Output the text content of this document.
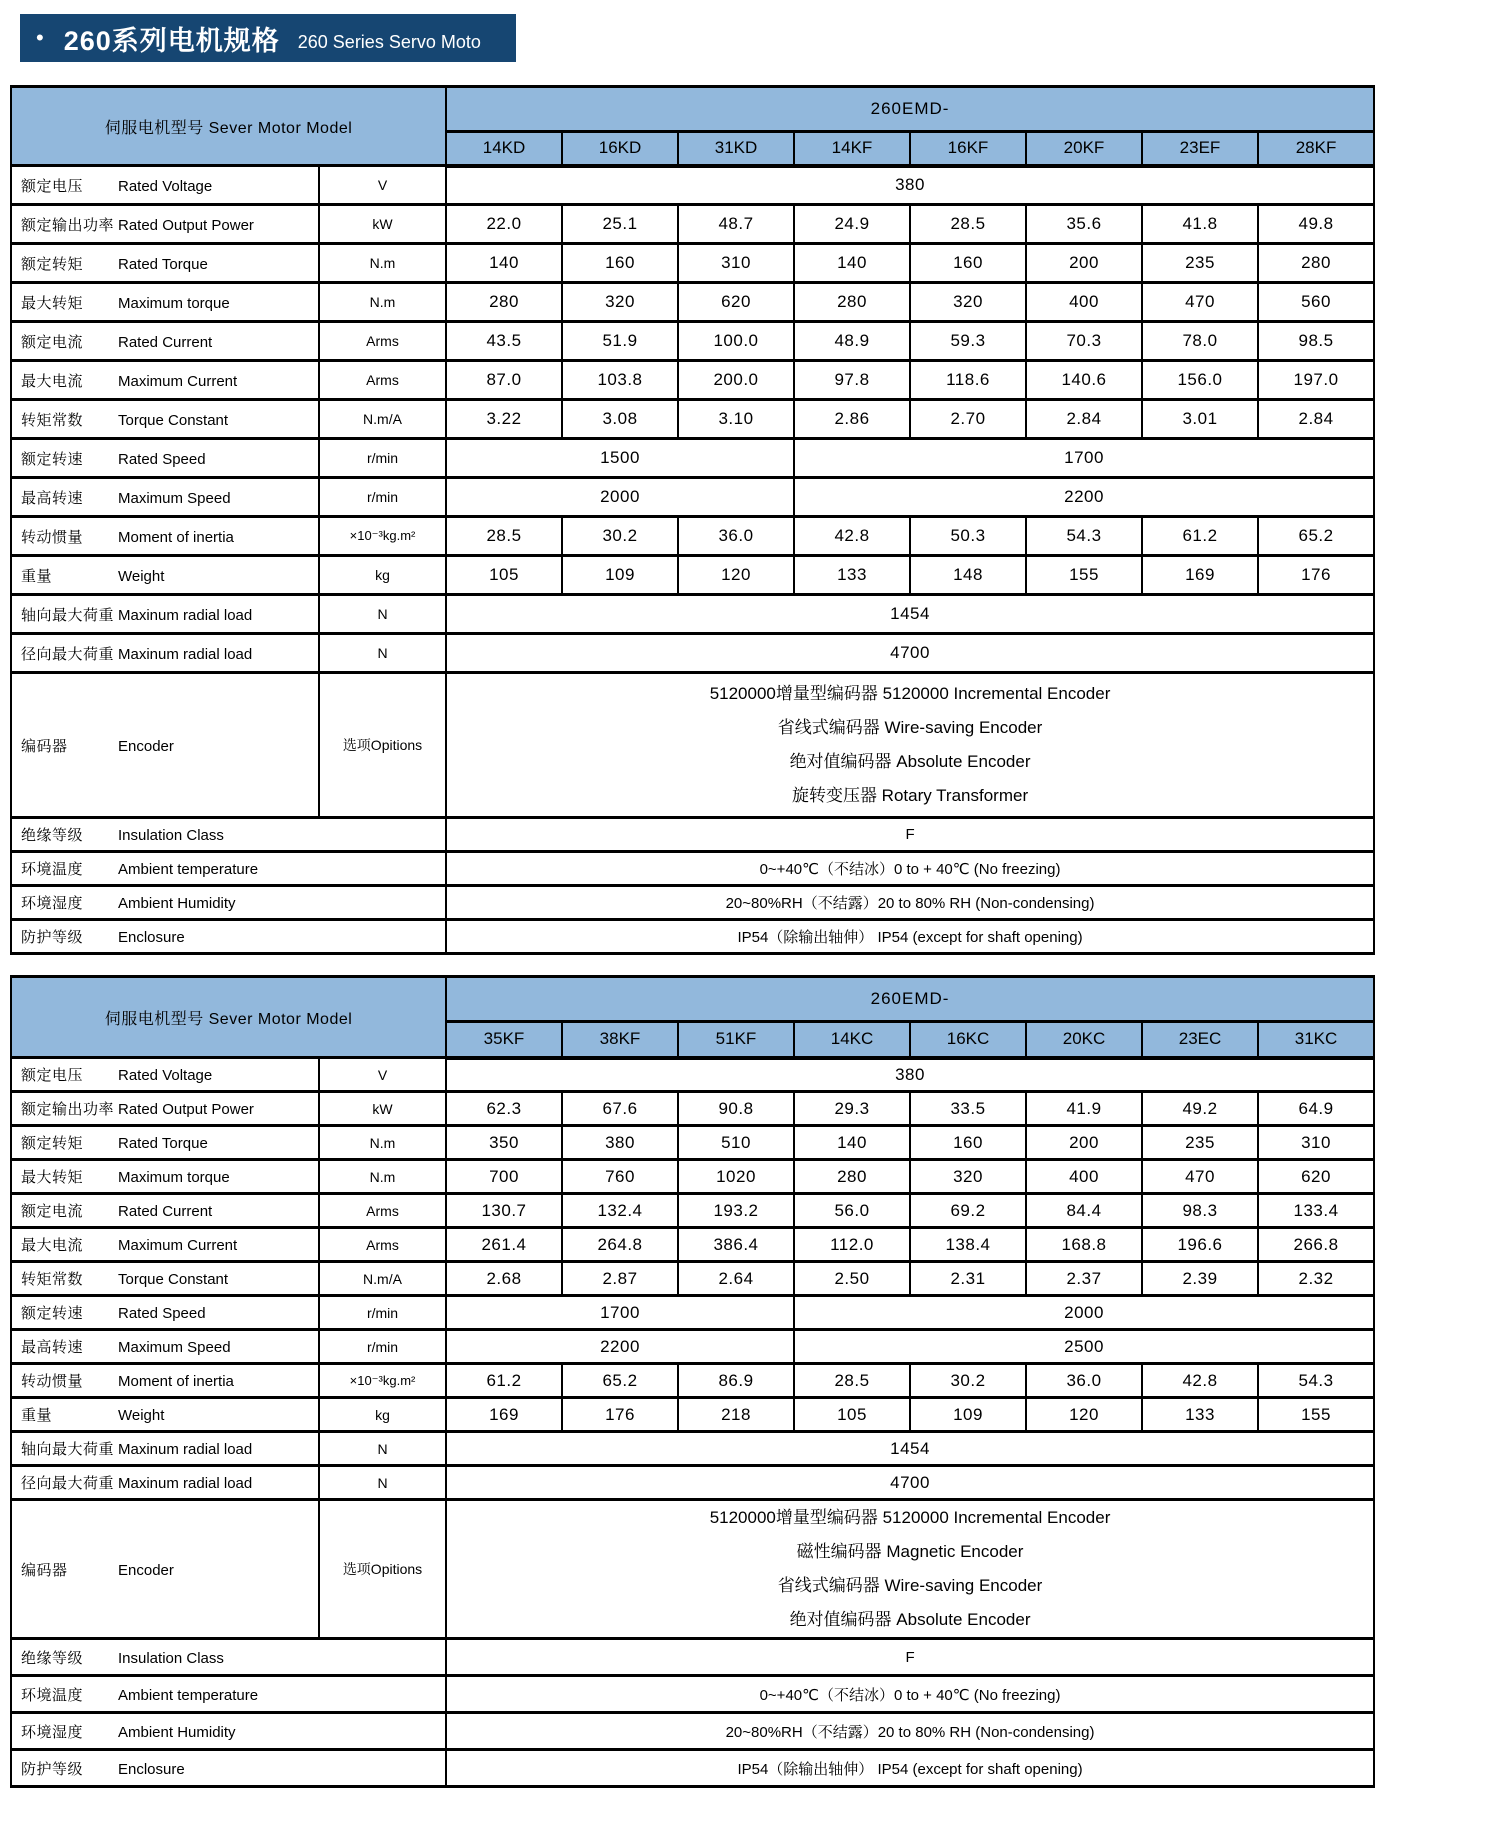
• 260系列电机规格 260 Series Servo Moto
伺服电机型号 Sever Motor Model		260EMD-							
		14KD	16KD	31KD	14KF	16KF	20KF	23EF	28KF
额定电压 Rated Voltage	V	380							
额定输出功率 Rated Output Power	kW	22.0	25.1	48.7	24.9	28.5	35.6	41.8	49.8
额定转矩 Rated Torque	N.m	140	160	310	140	160	200	235	280
最大转矩 Maximum torque	N.m	280	320	620	280	320	400	470	560
额定电流 Rated Current	Arms	43.5	51.9	100.0	48.9	59.3	70.3	78.0	98.5
最大电流 Maximum Current	Arms	87.0	103.8	200.0	97.8	118.6	140.6	156.0	197.0
转矩常数 Torque Constant	N.m/A	3.22	3.08	3.10	2.86	2.70	2.84	3.01	2.84
额定转速 Rated Speed	r/min	1500			1700				
最高转速 Maximum Speed	r/min	2000			2200				
转动惯量 Moment of inertia	×10⁻³kg.m²	28.5	30.2	36.0	42.8	50.3	54.3	61.2	65.2
重量 Weight	kg	105	109	120	133	148	155	169	176
轴向最大荷重 Maxinum radial load	N	1454							
径向最大荷重 Maxinum radial load	N	4700							
编码器 Encoder	选项Opitions	5120000增量型编码器 5120000 Incremental Encoder
省线式编码器 Wire-saving Encoder
绝对值编码器 Absolute Encoder
旋转变压器 Rotary Transformer							

绝缘等级 Insulation Class		F							
环境温度 Ambient temperature		0~+40℃（不结冰）0 to + 40℃ (No freezing)							
环境湿度 Ambient Humidity		20~80%RH（不结露）20 to 80% RH (Non-condensing)							
防护等级 Enclosure		IP54（除输出轴伸） IP54 (except for shaft opening)							
伺服电机型号 Sever Motor Model		260EMD-							
		35KF	38KF	51KF	14KC	16KC	20KC	23EC	31KC
额定电压 Rated Voltage	V	380							
额定输出功率 Rated Output Power	kW	62.3	67.6	90.8	29.3	33.5	41.9	49.2	64.9
额定转矩 Rated Torque	N.m	350	380	510	140	160	200	235	310
最大转矩 Maximum torque	N.m	700	760	1020	280	320	400	470	620
额定电流 Rated Current	Arms	130.7	132.4	193.2	56.0	69.2	84.4	98.3	133.4
最大电流 Maximum Current	Arms	261.4	264.8	386.4	112.0	138.4	168.8	196.6	266.8
转矩常数 Torque Constant	N.m/A	2.68	2.87	2.64	2.50	2.31	2.37	2.39	2.32
额定转速 Rated Speed	r/min	1700			2000				
最高转速 Maximum Speed	r/min	2200			2500				
转动惯量 Moment of inertia	×10⁻³kg.m²	61.2	65.2	86.9	28.5	30.2	36.0	42.8	54.3
重量 Weight	kg	169	176	218	105	109	120	133	155
轴向最大荷重 Maxinum radial load	N	1454							
径向最大荷重 Maxinum radial load	N	4700							
编码器 Encoder	选项Opitions	5120000增量型编码器 5120000 Incremental Encoder
磁性编码器 Magnetic Encoder
省线式编码器 Wire-saving Encoder
绝对值编码器 Absolute Encoder							

绝缘等级 Insulation Class		F							
环境温度 Ambient temperature		0~+40℃（不结冰）0 to + 40℃ (No freezing)							
环境湿度 Ambient Humidity		20~80%RH（不结露）20 to 80% RH (Non-condensing)							
防护等级 Enclosure		IP54（除输出轴伸） IP54 (except for shaft opening)							
